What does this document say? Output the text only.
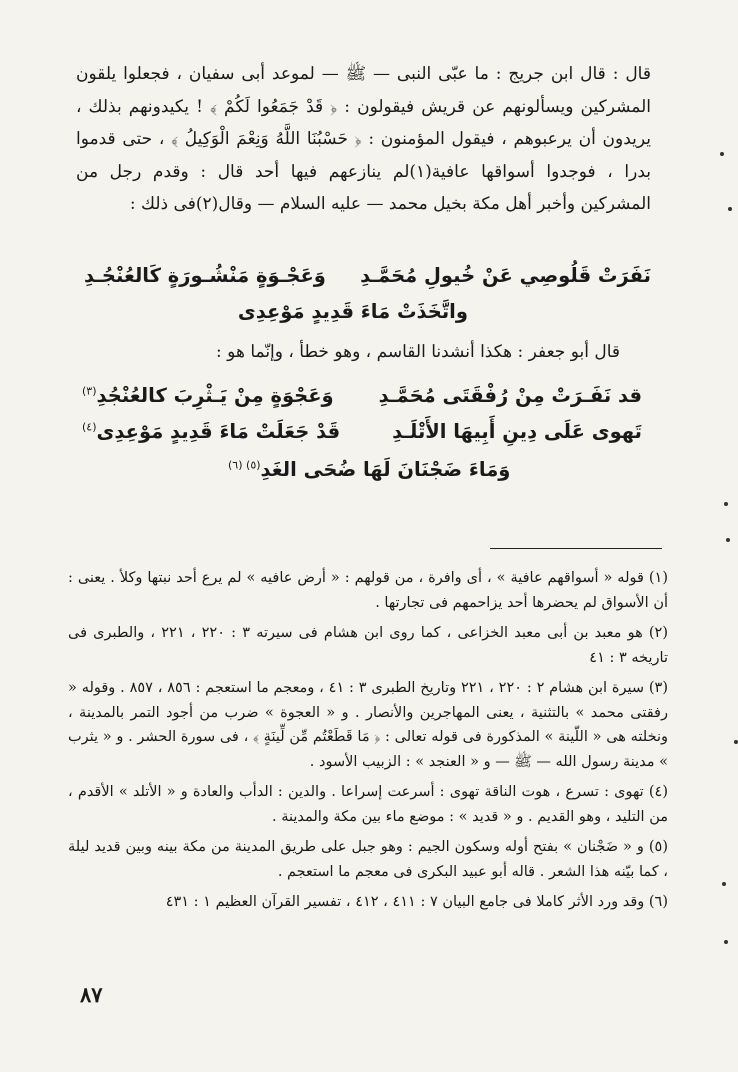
قال : قال ابن جريج : ما عبّى النبى — ﷺ — لموعد أبى سفيان ، فجعلوا يلقون المشركين ويسألونهم عن قريش فيقولون : ﴿ قَدْ جَمَعُوا لَكُمْ ﴾ ! يكيدونهم بذلك ، يريدون أن يرعبوهم ، فيقول المؤمنون : ﴿ حَسْبُنَا اللَّهُ وَنِعْمَ الْوَكِيلُ ﴾ ، حتى قدموا بدرا ، فوجدوا أسواقها عافية(١)لم ينازعهم فيها أحد قال : وقدم رجل من المشركين وأخبر أهل مكة بخيل محمد — عليه السلام — وقال(٢)فى ذلك :

نَفَرَتْ قَلُوصِي عَنْ خُيولِ مُحَمَّـدِ
وَعَجْـوَةٍ مَنْشُـورَةٍ كَالعُنْجُـدِ
واتَّخَذَتْ مَاءَ قَدِيدٍ مَوْعِدِى
قال أبو جعفر : هكذا أنشدنا القاسم ، وهو خطأ ، وإنّما هو :
قد نَفَـرَتْ مِنْ رُفْقَتَى مُحَمَّـدِ
وَعَجْوَةٍ مِنْ يَـثْرِبَ كالعُنْجُدِ$^{(٣)}$
تَهوى عَلَى دِينِ أَبِيهَا الأَتْلَـدِ
قَدْ جَعَلَتْ مَاءَ قَدِيدٍ مَوْعِدِى$^{(٤)}$
وَمَاءَ ضَجْنَانَ لَهَا ضُحَى الغَدِ$^{(٥) (٦)}$

(١) قوله « أسواقهم عافية » ، أى وافرة ، من قولهم : « أرض عافيه » لم يرع أحد نبتها وكلأ . يعنى : أن الأسواق لم يحضرها أحد يزاحمهم فى تجارتها .

(٢) هو معبد بن أبى معبد الخزاعى ، كما روى ابن هشام فى سيرته ٣ : ٢٢٠ ، ٢٢١ ، والطبرى فى تاريخه ٣ : ٤١

(٣) سيرة ابن هشام ٢ : ٢٢٠ ، ٢٢١ وتاريخ الطبرى ٣ : ٤١ ، ومعجم ما استعجم : ٨٥٦ ، ٨٥٧ . وقوله « رفقتى محمد » بالتثنية ، يعنى المهاجرين والأنصار . و « العجوة » ضرب من أجود التمر بالمدينة ، ونخلته هى « اللّينة » المذكورة فى قوله تعالى : ﴿ مَا قَطَعْتُم مِّن لِّينَةٍ ﴾ ، فى سورة الحشر . و « يثرب » مدينة رسول الله — ﷺ — و « العنجد » : الزبيب الأسود .

(٤) تهوى : تسرع ، هوت الناقة تهوى : أسرعت إسراعا . والدين : الدأب والعادة و « الأتلد » الأقدم ، من التليد ، وهو القديم . و « قديد » : موضع ماء بين مكة والمدينة .

(٥) و « ضَجْنان » بفتح أوله وسكون الجيم : وهو جبل على طريق المدينة من مكة بينه وبين قديد ليلة ، كما بيّنه هذا الشعر . قاله أبو عبيد البكرى فى معجم ما استعجم .

(٦) وقد ورد الأثر كاملا فى جامع البيان ٧ : ٤١١ ، ٤١٢ ، تفسير القرآن العظيم ١ : ٤٣١

٨٧
